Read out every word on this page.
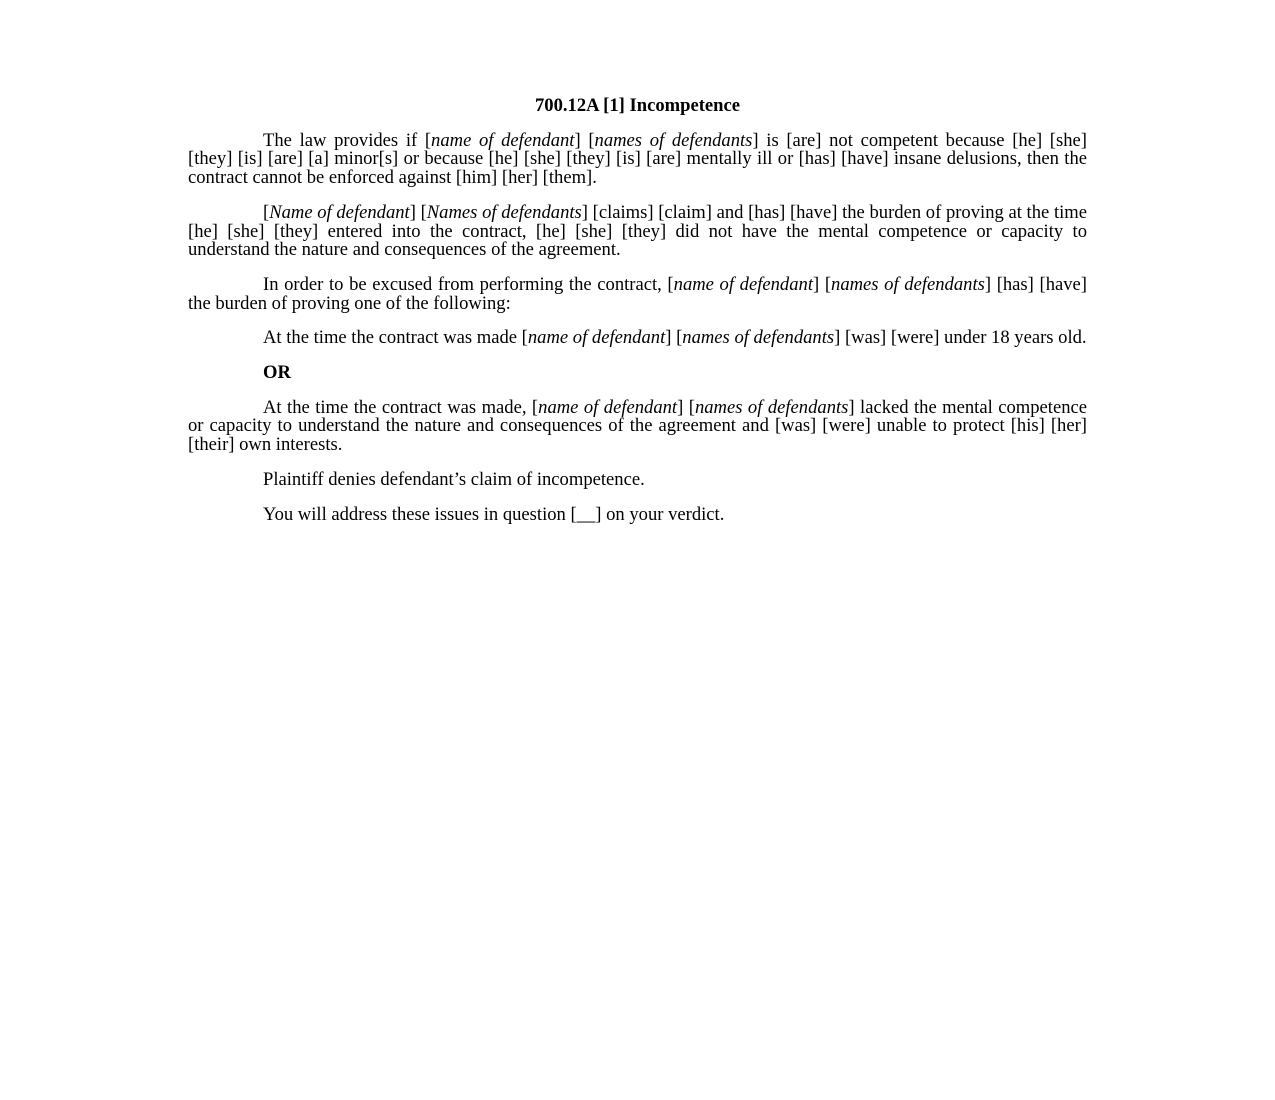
700.12A [1] Incompetence

The law provides if [name of defendant] [names of defendants] is [are] not competent because [he] [she] [they] [is] [are] [a] minor[s] or because [he] [she] [they] [is] [are] mentally ill or [has] [have] insane delusions, then the contract cannot be enforced against [him] [her] [them].

[Name of defendant] [Names of defendants] [claims] [claim] and [has] [have] the burden of proving at the time [he] [she] [they] entered into the contract, [he] [she] [they] did not have the mental competence or capacity to understand the nature and consequences of the agreement.

In order to be excused from performing the contract, [name of defendant] [names of defendants] [has] [have] the burden of proving one of the following:

At the time the contract was made [name of defendant] [names of defendants] [was] [were] under 18 years old.

OR

At the time the contract was made, [name of defendant] [names of defendants] lacked the mental competence or capacity to understand the nature and consequences of the agreement and [was] [were] unable to protect [his] [her] [their] own interests.

Plaintiff denies defendant’s claim of incompetence.

You will address these issues in question [__] on your verdict.
